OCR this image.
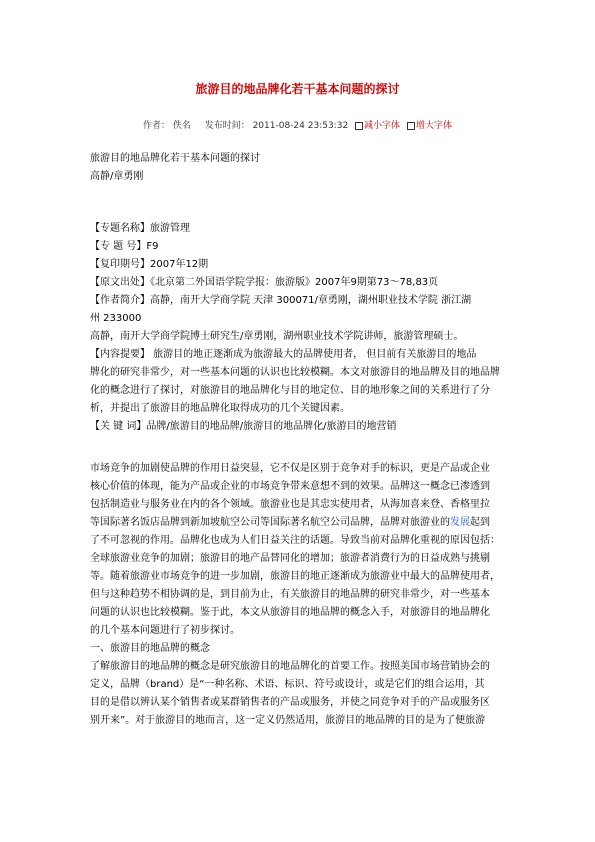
旅游目的地品牌化若干基本问题的探讨
作者： 佚名 发布时间： 2011-08-24 23:53:32 减小字体 增大字体
旅游目的地品牌化若干基本问题的探讨
高静/章勇刚

【专题名称】旅游管理

【专 题 号】F9

【复印期号】2007年12期

【原文出处】《北京第二外国语学院学报：旅游版》2007年9期第73～78,83页

【作者简介】高静，南开大学商学院 天津 300071/章勇刚，湖州职业技术学院 浙江湖

州 233000

高静，南开大学商学院博士研究生/章勇刚，湖州职业技术学院讲师，旅游管理硕士。

【内容提要】 旅游目的地正逐渐成为旅游最大的品牌使用者， 但目前有关旅游目的地品

牌化的研究非常少，对一些基本问题的认识也比较模糊。本文对旅游目的地品牌及目的地品牌

化的概念进行了探讨，对旅游目的地品牌化与目的地定位、目的地形象之间的关系进行了分

析，并提出了旅游目的地品牌化取得成功的几个关键因素。

【关 键 词】品牌/旅游目的地品牌/旅游目的地品牌化/旅游目的地营销

市场竞争的加剧使品牌的作用日益突显，它不仅是区别于竞争对手的标识，更是产品或企业

核心价值的体现，能为产品或企业的市场竞争带来意想不到的效果。品牌这一概念已渗透到

包括制造业与服务业在内的各个领域。旅游业也是其忠实使用者，从海加喜来登、香格里拉

等国际著名饭店品牌到新加坡航空公司等国际著名航空公司品牌，品牌对旅游业的发展起到

了不可忽视的作用。品牌化也成为人们日益关注的话题。导致当前对品牌化重视的原因包括：

全球旅游业竞争的加剧；旅游目的地产品替同化的增加；旅游者消费行为的日益成熟与挑剔

等。随着旅游业市场竞争的进一步加剧，旅游目的地正逐渐成为旅游业中最大的品牌使用者，

但与这种趋势不相协调的是，到目前为止，有关旅游目的地品牌的研究非常少，对一些基本

问题的认识也比较模糊。鉴于此，本文从旅游目的地品牌的概念入手，对旅游目的地品牌化

的几个基本问题进行了初步探讨。

一、旅游目的地品牌的概念

了解旅游目的地品牌的概念是研究旅游目的地品牌化的首要工作。按照美国市场营销协会的

定义，品牌（brand）是“一种名称、术语、标识、符号或设计，或是它们的组合运用，其

目的是借以辨认某个销售者或某群销售者的产品或服务，并使之同竞争对手的产品或服务区

别开来”。对于旅游目的地而言，这一定义仍然适用，旅游目的地品牌的目的是为了便旅游
